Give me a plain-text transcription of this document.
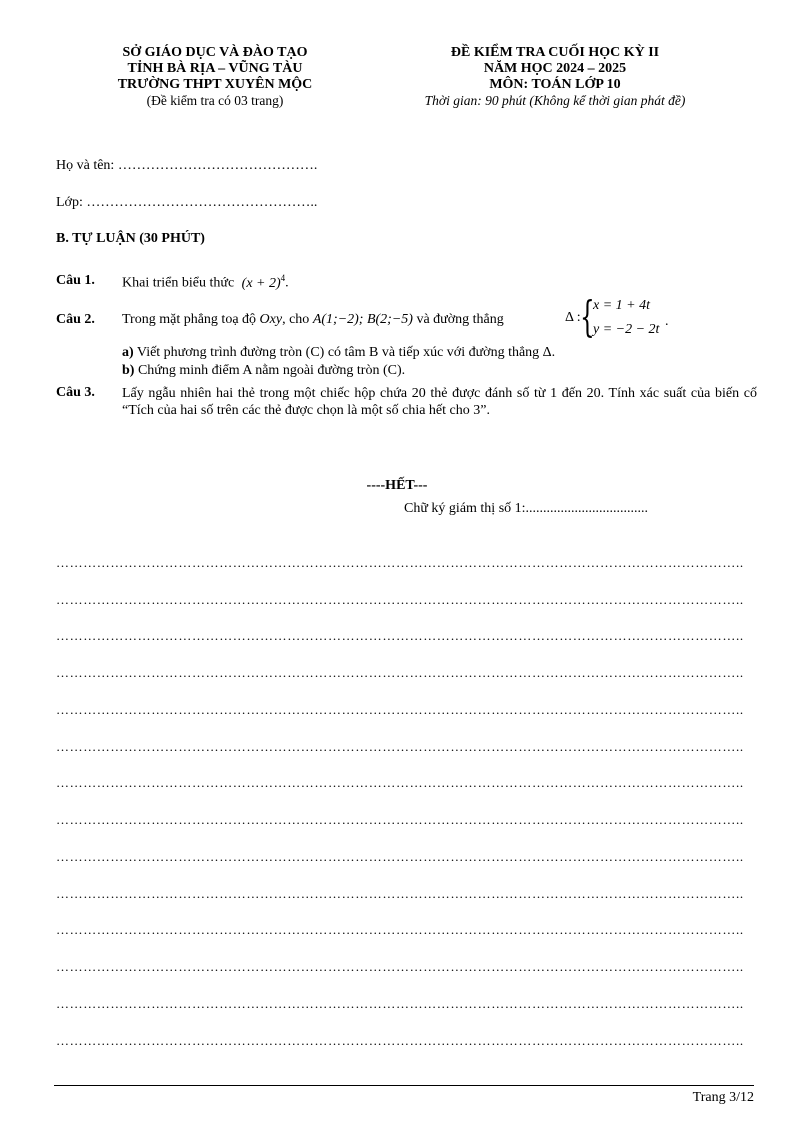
SỞ GIÁO DỤC VÀ ĐÀO TẠO
TỈNH BÀ RỊA – VŨNG TÀU
TRƯỜNG THPT XUYÊN MỘC
(Đề kiểm tra có 03 trang)
ĐỀ KIỂM TRA CUỐI HỌC KỲ II
NĂM HỌC 2024 – 2025
MÔN: TOÁN LỚP 10
Thời gian: 90 phút (Không kể thời gian phát đề)
Họ và tên: …………………………………….
Lớp: …………………………………………..
B. TỰ LUẬN (30 PHÚT)
Câu 1. Khai triển biểu thức $(x + 2)^4$.
Câu 2. Trong mặt phẳng toạ độ Oxy, cho A(1;−2); B(2;−5) và đường thẳng	Δ : {
x = 1 + 4t
y = −2 − 2t
.
a) Viết phương trình đường tròn (C) có tâm B và tiếp xúc với đường thẳng Δ.
b) Chứng minh điểm A nằm ngoài đường tròn (C).
Câu 3. Lấy ngẫu nhiên hai thẻ trong một chiếc hộp chứa 20 thẻ được đánh số từ 1 đến 20. Tính xác suất của biến cố “Tích của hai số trên các thẻ được chọn là một số chia hết cho 3”.
----HẾT---
Chữ ký giám thị số 1:...................................
……………………………………………………………………………………………………………………………………..
……………………………………………………………………………………………………………………………………..
……………………………………………………………………………………………………………………………………..
……………………………………………………………………………………………………………………………………..
……………………………………………………………………………………………………………………………………..
……………………………………………………………………………………………………………………………………..
……………………………………………………………………………………………………………………………………..
……………………………………………………………………………………………………………………………………..
……………………………………………………………………………………………………………………………………..
……………………………………………………………………………………………………………………………………..
……………………………………………………………………………………………………………………………………..
……………………………………………………………………………………………………………………………………..
……………………………………………………………………………………………………………………………………..
……………………………………………………………………………………………………………………………………..
Trang 3/12
